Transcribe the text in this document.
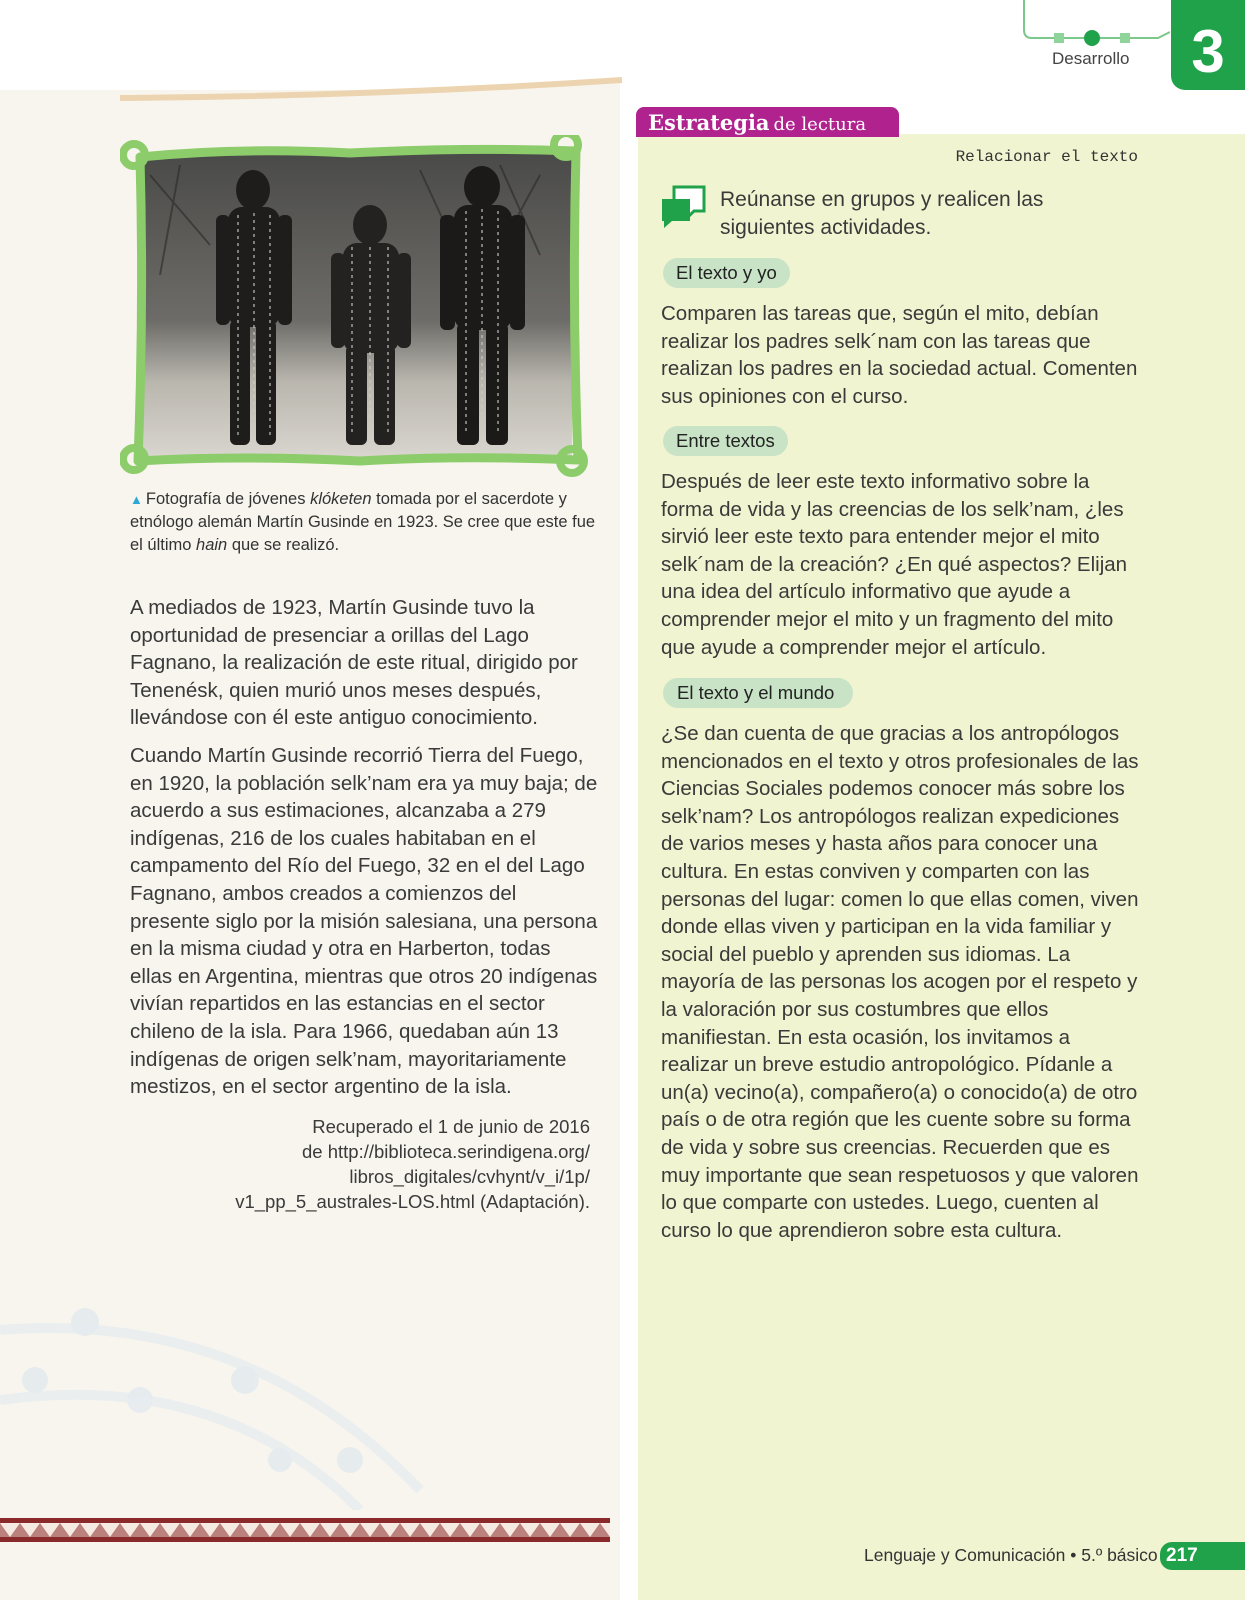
Desarrollo	3
▲ Fotografía de jóvenes klóketen tomada por el sacerdote y etnólogo alemán Martín Gusinde en 1923. Se cree que este fue el último hain que se realizó.

A mediados de 1923, Martín Gusinde tuvo la oportunidad de presenciar a orillas del Lago Fagnano, la realización de este ritual, dirigido por Tenenésk, quien murió unos meses después, llevándose con él este antiguo conocimiento.

Cuando Martín Gusinde recorrió Tierra del Fuego, en 1920, la población selk’nam era ya muy baja; de acuerdo a sus estimaciones, alcanzaba a 279 indígenas, 216 de los cuales habitaban en el campamento del Río del Fuego, 32 en el del Lago Fagnano, ambos creados a comienzos del presente siglo por la misión salesiana, una persona en la misma ciudad y otra en Harberton, todas ellas en Argentina, mientras que otros 20 indígenas vivían repartidos en las estancias en el sector chileno de la isla. Para 1966, quedaban aún 13 indígenas de origen selk’nam, mayoritariamente mestizos, en el sector argentino de la isla.

Recuperado el 1 de junio de 2016
de http://biblioteca.serindigena.org/
libros_digitales/cvhynt/v_i/1p/
v1_pp_5_australes-LOS.html (Adaptación).
Estrategia de lectura
Relacionar el texto
Reúnanse en grupos y realicen las siguientes actividades.
El texto y yo
Comparen las tareas que, según el mito, debían realizar los padres selk´nam con las tareas que realizan los padres en la sociedad actual. Comenten sus opiniones con el curso.
Entre textos
Después de leer este texto informativo sobre la forma de vida y las creencias de los selk’nam, ¿les sirvió leer este texto para entender mejor el mito selk´nam de la creación? ¿En qué aspectos? Elijan una idea del artículo informativo que ayude a comprender mejor el mito y un fragmento del mito que ayude a comprender mejor el artículo.
El texto y el mundo
¿Se dan cuenta de que gracias a los antropólogos mencionados en el texto y otros profesionales de las Ciencias Sociales podemos conocer más sobre los selk’nam? Los antropólogos realizan expediciones de varios meses y hasta años para conocer una cultura. En estas conviven y comparten con las personas del lugar: comen lo que ellas comen, viven donde ellas viven y participan en la vida familiar y social del pueblo y aprenden sus idiomas. La mayoría de las personas los acogen por el respeto y la valoración por sus costumbres que ellos manifiestan. En esta ocasión, los invitamos a realizar un breve estudio antropológico. Pídanle a un(a) vecino(a), compañero(a) o conocido(a) de otro país o de otra región que les cuente sobre su forma de vida y sobre sus creencias. Recuerden que es muy importante que sean respetuosos y que valoren lo que comparte con ustedes. Luego, cuenten al curso lo que aprendieron sobre esta cultura.
Lenguaje y Comunicación • 5.º básico 217
